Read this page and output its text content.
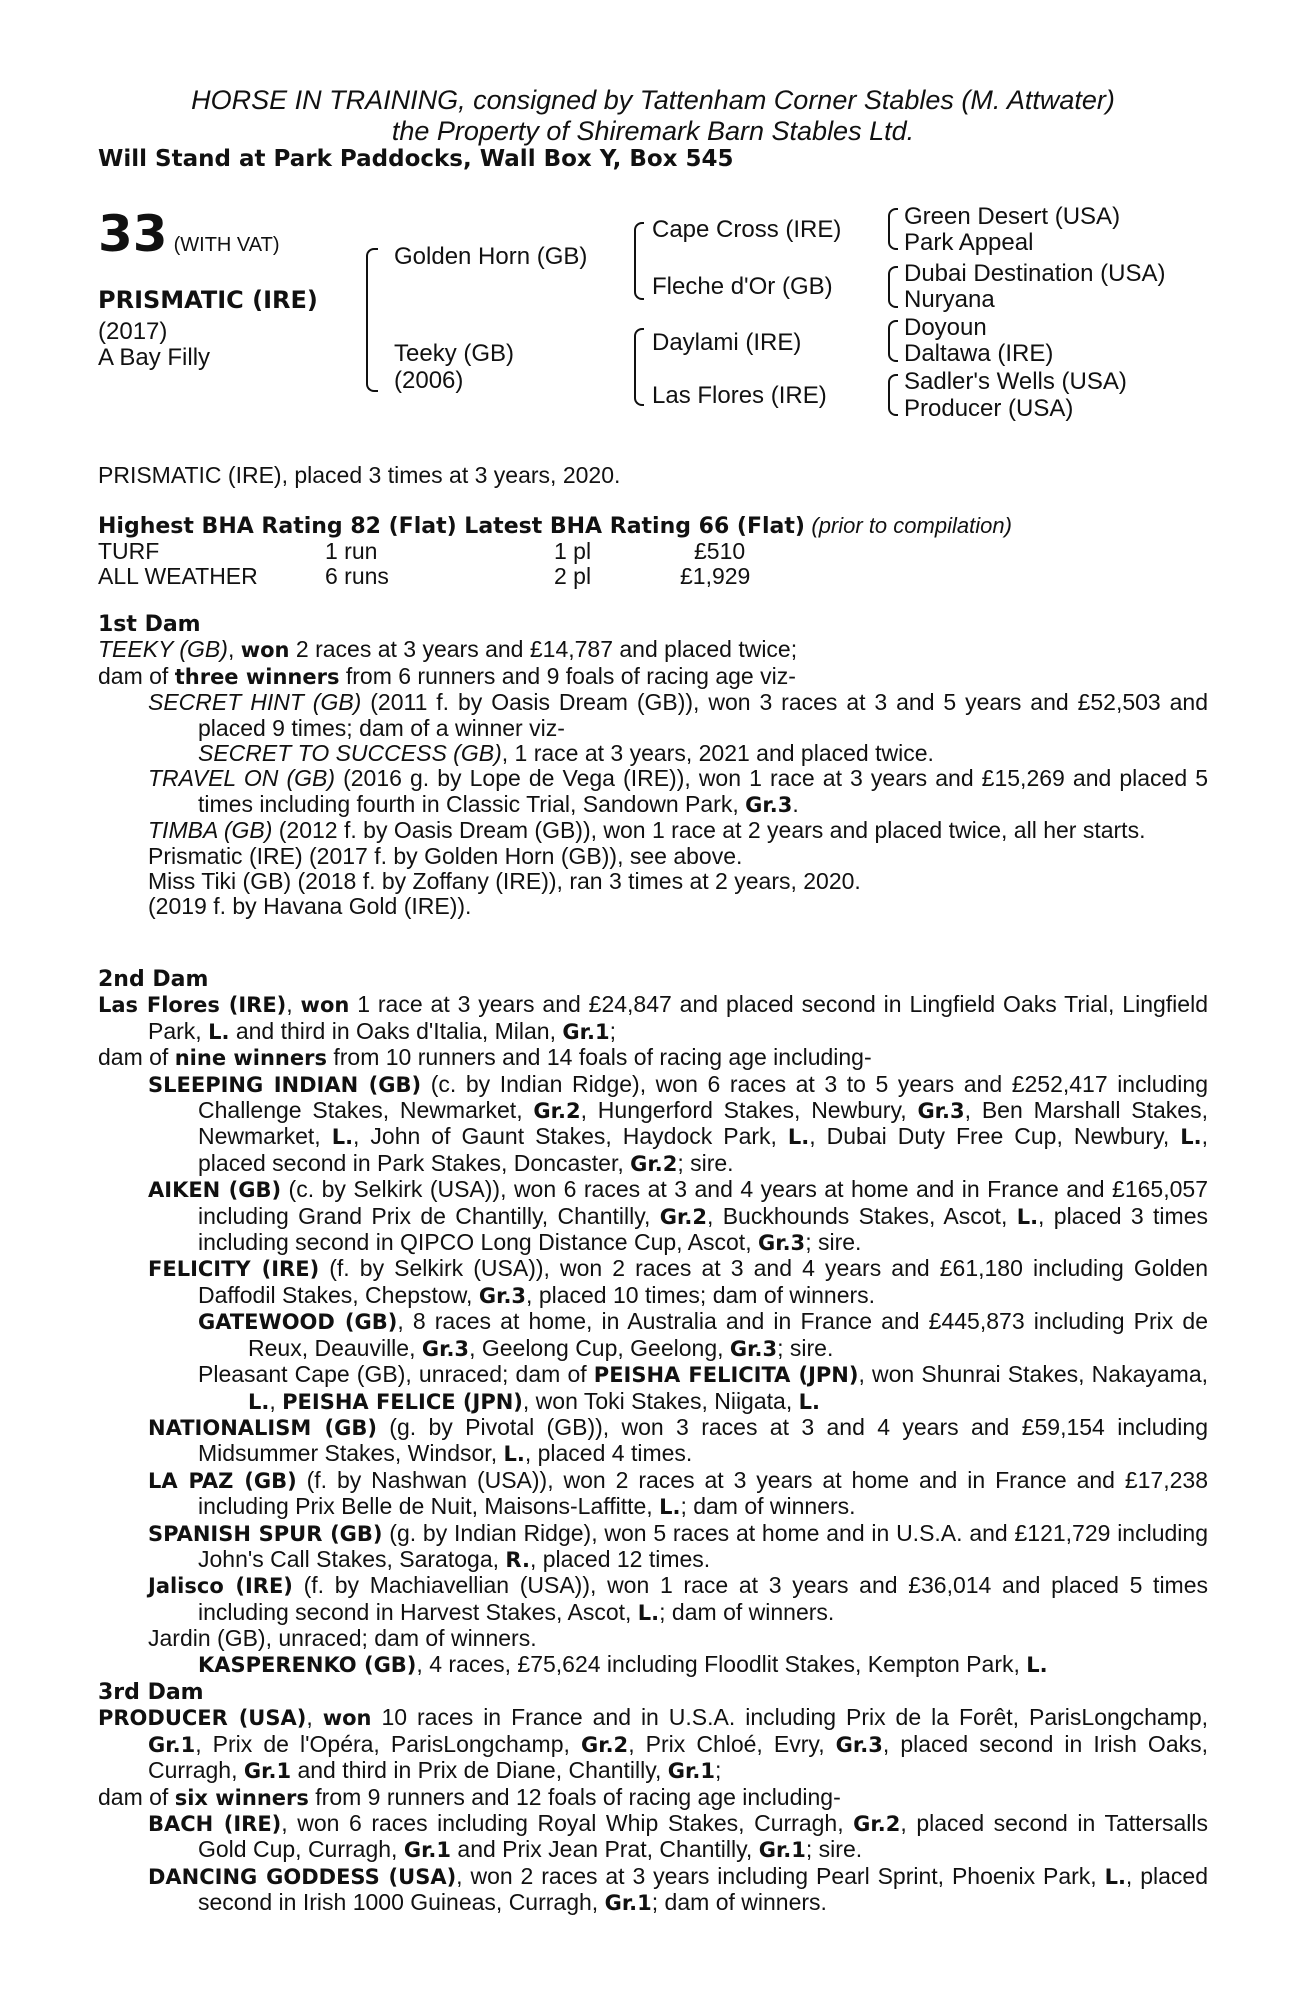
HORSE IN TRAINING, consigned by Tattenham Corner Stables (M. Attwater)
the Property of Shiremark Barn Stables Ltd.
Will Stand at Park Paddocks, Wall Box Y, Box 545
33 (WITH VAT)
PRISMATIC (IRE)
(2017)
A Bay Filly
Golden Horn (GB)
Teeky (GB)
(2006)
Cape Cross (IRE)
Fleche d'Or (GB)
Daylami (IRE)
Las Flores (IRE)
Green Desert (USA)
Park Appeal
Dubai Destination (USA)
Nuryana
Doyoun
Daltawa (IRE)
Sadler's Wells (USA)
Producer (USA)
PRISMATIC (IRE), placed 3 times at 3 years, 2020.
Highest BHA Rating 82 (Flat) Latest BHA Rating 66 (Flat) (prior to compilation)
TURF	1 run	1 pl	£510
ALL WEATHER	6 runs	2 pl	£1,929
1st Dam

TEEKY (GB), won 2 races at 3 years and £14,787 and placed twice;

dam of three winners from 6 runners and 9 foals of racing age viz-

SECRET HINT (GB) (2011 f. by Oasis Dream (GB)), won 3 races at 3 and 5 years and £52,503 and placed 9 times; dam of a winner viz-

SECRET TO SUCCESS (GB), 1 race at 3 years, 2021 and placed twice.

TRAVEL ON (GB) (2016 g. by Lope de Vega (IRE)), won 1 race at 3 years and £15,269 and placed 5 times including fourth in Classic Trial, Sandown Park, Gr.3.

TIMBA (GB) (2012 f. by Oasis Dream (GB)), won 1 race at 2 years and placed twice, all her starts.

Prismatic (IRE) (2017 f. by Golden Horn (GB)), see above.

Miss Tiki (GB) (2018 f. by Zoffany (IRE)), ran 3 times at 2 years, 2020.

(2019 f. by Havana Gold (IRE)).

2nd Dam

Las Flores (IRE), won 1 race at 3 years and £24,847 and placed second in Lingfield Oaks Trial, Lingfield Park, L. and third in Oaks d'Italia, Milan, Gr.1;

dam of nine winners from 10 runners and 14 foals of racing age including-

SLEEPING INDIAN (GB) (c. by Indian Ridge), won 6 races at 3 to 5 years and £252,417 including Challenge Stakes, Newmarket, Gr.2, Hungerford Stakes, Newbury, Gr.3, Ben Marshall Stakes, Newmarket, L., John of Gaunt Stakes, Haydock Park, L., Dubai Duty Free Cup, Newbury, L., placed second in Park Stakes, Doncaster, Gr.2; sire.

AIKEN (GB) (c. by Selkirk (USA)), won 6 races at 3 and 4 years at home and in France and £165,057 including Grand Prix de Chantilly, Chantilly, Gr.2, Buckhounds Stakes, Ascot, L., placed 3 times including second in QIPCO Long Distance Cup, Ascot, Gr.3; sire.

FELICITY (IRE) (f. by Selkirk (USA)), won 2 races at 3 and 4 years and £61,180 including Golden Daffodil Stakes, Chepstow, Gr.3, placed 10 times; dam of winners.

GATEWOOD (GB), 8 races at home, in Australia and in France and £445,873 including Prix de Reux, Deauville, Gr.3, Geelong Cup, Geelong, Gr.3; sire.

Pleasant Cape (GB), unraced; dam of PEISHA FELICITA (JPN), won Shunrai Stakes, Nakayama, L., PEISHA FELICE (JPN), won Toki Stakes, Niigata, L.

NATIONALISM (GB) (g. by Pivotal (GB)), won 3 races at 3 and 4 years and £59,154 including Midsummer Stakes, Windsor, L., placed 4 times.

LA PAZ (GB) (f. by Nashwan (USA)), won 2 races at 3 years at home and in France and £17,238 including Prix Belle de Nuit, Maisons-Laffitte, L.; dam of winners.

SPANISH SPUR (GB) (g. by Indian Ridge), won 5 races at home and in U.S.A. and £121,729 including John's Call Stakes, Saratoga, R., placed 12 times.

Jalisco (IRE) (f. by Machiavellian (USA)), won 1 race at 3 years and £36,014 and placed 5 times including second in Harvest Stakes, Ascot, L.; dam of winners.

Jardin (GB), unraced; dam of winners.

KASPERENKO (GB), 4 races, £75,624 including Floodlit Stakes, Kempton Park, L.

3rd Dam

PRODUCER (USA), won 10 races in France and in U.S.A. including Prix de la Forêt, ParisLongchamp, Gr.1, Prix de l'Opéra, ParisLongchamp, Gr.2, Prix Chloé, Evry, Gr.3, placed second in Irish Oaks, Curragh, Gr.1 and third in Prix de Diane, Chantilly, Gr.1;

dam of six winners from 9 runners and 12 foals of racing age including-

BACH (IRE), won 6 races including Royal Whip Stakes, Curragh, Gr.2, placed second in Tattersalls Gold Cup, Curragh, Gr.1 and Prix Jean Prat, Chantilly, Gr.1; sire.

DANCING GODDESS (USA), won 2 races at 3 years including Pearl Sprint, Phoenix Park, L., placed second in Irish 1000 Guineas, Curragh, Gr.1; dam of winners.
